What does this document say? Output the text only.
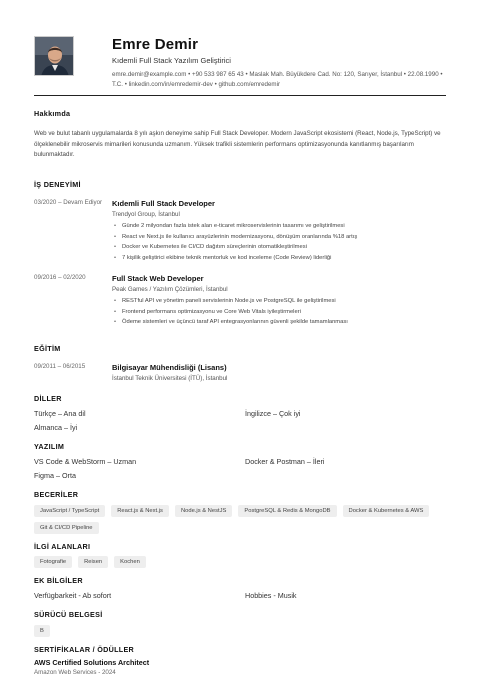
Emre Demir
Kıdemli Full Stack Yazılım Geliştirici
emre.demir@example.com • +90 533 987 65 43 • Maslak Mah. Büyükdere Cad. No: 120, Sarıyer, İstanbul • 22.08.1990 • T.C. • linkedin.com/in/emredemir-dev • github.com/emredemir
Hakkımda
Web ve bulut tabanlı uygulamalarda 8 yılı aşkın deneyime sahip Full Stack Developer. Modern JavaScript ekosistemi (React, Node.js, TypeScript) ve ölçeklenebilir mikroservis mimarileri konusunda uzmanım. Yüksek trafikli sistemlerin performans optimizasyonunda kanıtlanmış başarılarım bulunmaktadır.
İŞ DENEYİMİ
03/2020 – Devam Ediyor	Kıdemli Full Stack Developer
Trendyol Group, İstanbul
• Günde 2 milyondan fazla istek alan e-ticaret mikroservislerinin tasarımı ve geliştirilmesi
• React ve Next.js ile kullanıcı arayüzlerinin modernizasyonu, dönüşüm oranlarında %18 artış
• Docker ve Kubernetes ile CI/CD dağıtım süreçlerinin otomatikleştirilmesi
• 7 kişilik geliştirici ekibine teknik mentorluk ve kod inceleme (Code Review) liderliği
09/2016 – 02/2020	Full Stack Web Developer
Peak Games / Yazılım Çözümleri, İstanbul
• RESTful API ve yönetim paneli servislerinin Node.js ve PostgreSQL ile geliştirilmesi
• Frontend performans optimizasyonu ve Core Web Vitals iyileştirmeleri
• Ödeme sistemleri ve üçüncü taraf API entegrasyonlarının güvenli şekilde tamamlanması
EĞİTİM
09/2011 – 06/2015	Bilgisayar Mühendisliği (Lisans)
İstanbul Teknik Üniversitesi (İTÜ), İstanbul
DİLLER
Türkçe – Ana dil	İngilizce – Çok iyi
Almanca – İyi
YAZILIM
VS Code & WebStorm – Uzman	Docker & Postman – İleri
Figma – Orta
BECERİLER
JavaScript / TypeScript	React.js & Next.js	Node.js & NestJS	PostgreSQL & Redis & MongoDB	Docker & Kubernetes & AWS
Git & CI/CD Pipeline
İLGİ ALANLARI
Fotografie	Reisen	Kochen
EK BİLGİLER
Verfügbarkeit - Ab sofort	Hobbies - Musik
SÜRÜCÜ BELGESİ
B
SERTİFİKALAR / ÖDÜLLER
AWS Certified Solutions Architect
Amazon Web Services - 2024
